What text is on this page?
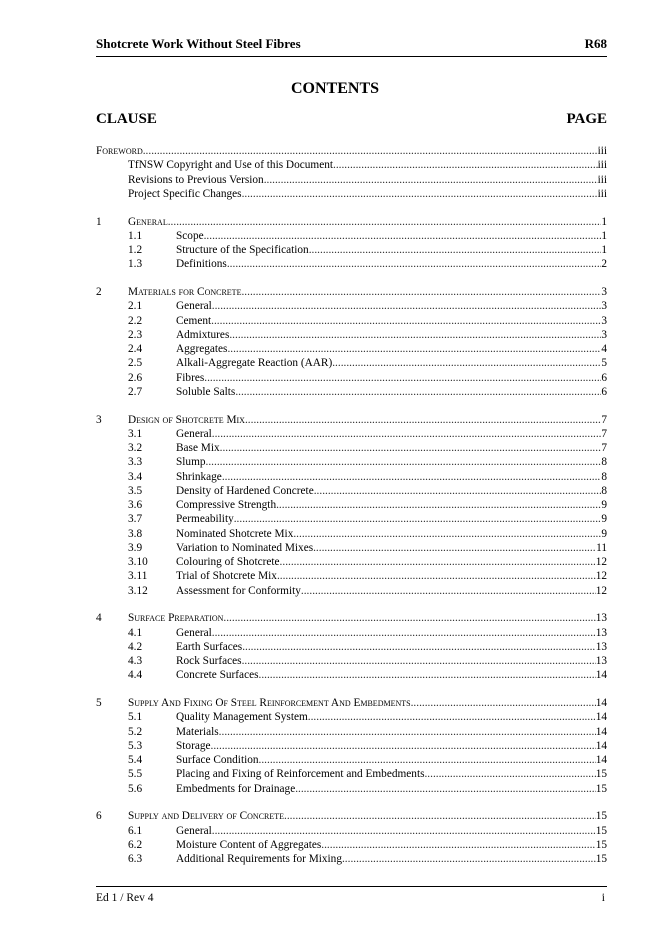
Shotcrete Work Without Steel Fibres	R68
CONTENTS
CLAUSE	PAGE
Foreword .....	iii
TfNSW Copyright and Use of this Document .....	iii
Revisions to Previous Version .....	iii
Project Specific Changes .....	iii
1 General .....	1
1.1	Scope .....	1
1.2	Structure of the Specification .....	1
1.3	Definitions .....	2
2 Materials for Concrete .....	3
2.1	General .....	3
2.2	Cement .....	3
2.3	Admixtures .....	3
2.4	Aggregates .....	4
2.5	Alkali-Aggregate Reaction (AAR) .....	5
2.6	Fibres .....	6
2.7	Soluble Salts .....	6
3 Design of Shotcrete Mix .....	7
3.1	General .....	7
3.2	Base Mix .....	7
3.3	Slump .....	8
3.4	Shrinkage .....	8
3.5	Density of Hardened Concrete .....	8
3.6	Compressive Strength .....	9
3.7	Permeability .....	9
3.8	Nominated Shotcrete Mix .....	9
3.9	Variation to Nominated Mixes .....	11
3.10 Colouring of Shotcrete .....	12
3.11	Trial of Shotcrete Mix .....	12
3.12 Assessment for Conformity .....	12
4 Surface Preparation .....	13
4.1	General .....	13
4.2	Earth Surfaces .....	13
4.3	Rock Surfaces .....	13
4.4	Concrete Surfaces .....	14
5 Supply And Fixing Of Steel Reinforcement And Embedments .....	14
5.1	Quality Management System .....	14
5.2	Materials .....	14
5.3	Storage .....	14
5.4	Surface Condition .....	14
5.5	Placing and Fixing of Reinforcement and Embedments .....	15
5.6	Embedments for Drainage .....	15
6 Supply and Delivery of Concrete .....	15
6.1	General .....	15
6.2	Moisture Content of Aggregates .....	15
6.3	Additional Requirements for Mixing .....	15
Ed 1 / Rev 4	i
